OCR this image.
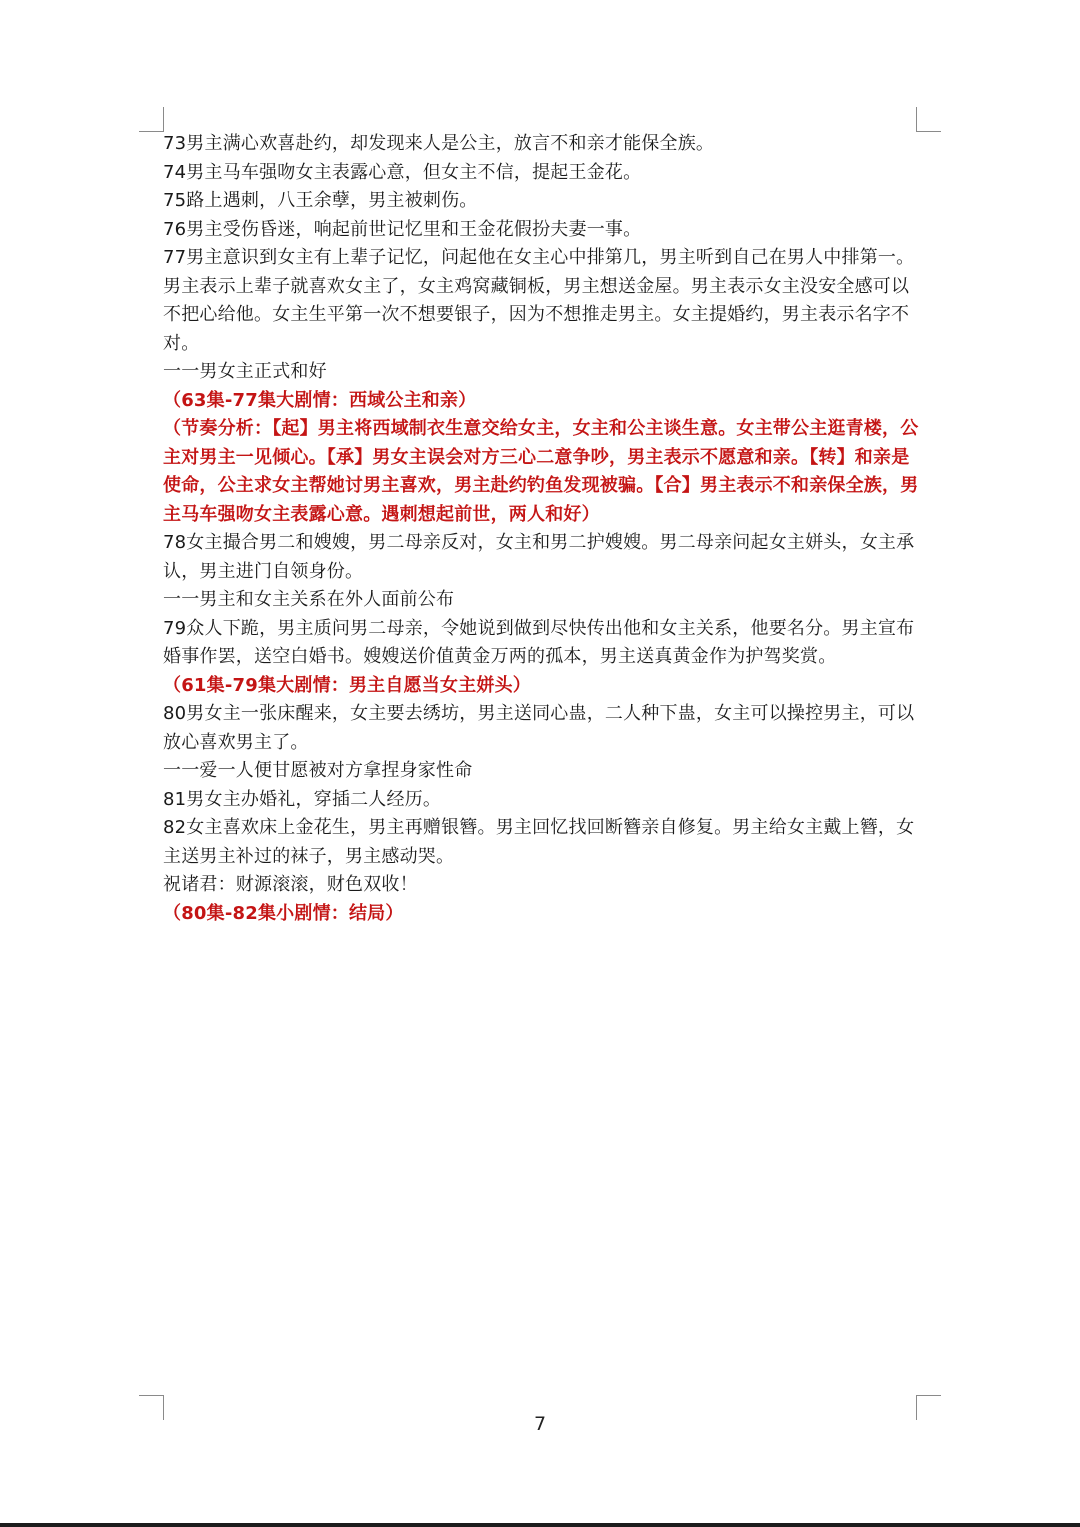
73男主满心欢喜赴约，却发现来人是公主，放言不和亲才能保全族。

74男主马车强吻女主表露心意，但女主不信，提起王金花。

75路上遇刺，八王余孽，男主被刺伤。

76男主受伤昏迷，响起前世记忆里和王金花假扮夫妻一事。

77男主意识到女主有上辈子记忆，问起他在女主心中排第几，男主听到自己在男人中排第一。男主表示上辈子就喜欢女主了，女主鸡窝藏铜板，男主想送金屋。男主表示女主没安全感可以不把心给他。女主生平第一次不想要银子，因为不想推走男主。女主提婚约，男主表示名字不对。

一一男女主正式和好

（63集-77集大剧情：西域公主和亲）

（节奏分析：【起】男主将西域制衣生意交给女主，女主和公主谈生意。女主带公主逛青楼，公主对男主一见倾心。【承】男女主误会对方三心二意争吵，男主表示不愿意和亲。【转】和亲是使命，公主求女主帮她讨男主喜欢，男主赴约钓鱼发现被骗。【合】男主表示不和亲保全族，男主马车强吻女主表露心意。遇刺想起前世，两人和好）

78女主撮合男二和嫂嫂，男二母亲反对，女主和男二护嫂嫂。男二母亲问起女主姘头，女主承认，男主进门自领身份。

一一男主和女主关系在外人面前公布

79众人下跪，男主质问男二母亲，令她说到做到尽快传出他和女主关系，他要名分。男主宣布婚事作罢，送空白婚书。嫂嫂送价值黄金万两的孤本，男主送真黄金作为护驾奖赏。

（61集-79集大剧情：男主自愿当女主姘头）

80男女主一张床醒来，女主要去绣坊，男主送同心蛊，二人种下蛊，女主可以操控男主，可以放心喜欢男主了。

一一爱一人便甘愿被对方拿捏身家性命

81男女主办婚礼，穿插二人经历。

82女主喜欢床上金花生，男主再赠银簪。男主回忆找回断簪亲自修复。男主给女主戴上簪，女主送男主补过的袜子，男主感动哭。

祝诸君：财源滚滚，财色双收！

（80集-82集小剧情：结局）

7
